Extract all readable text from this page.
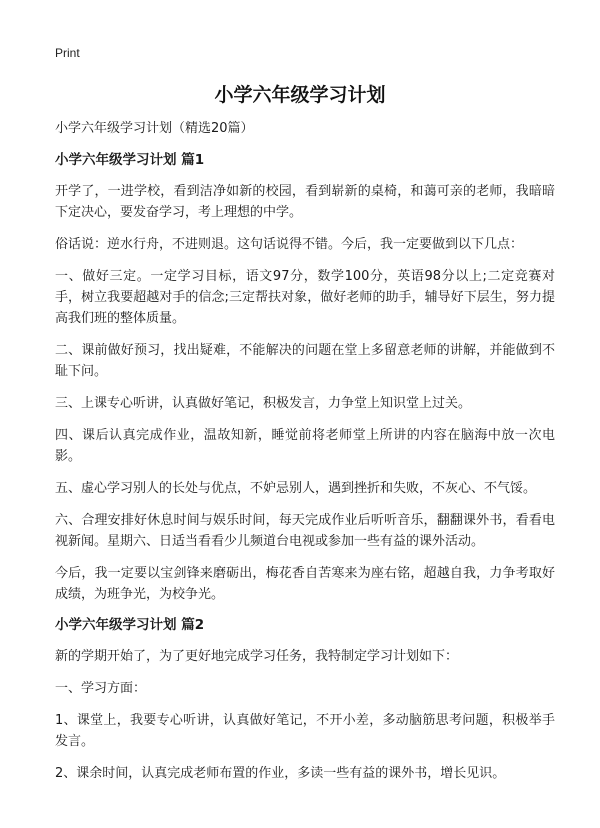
Print
小学六年级学习计划

小学六年级学习计划（精选20篇）

小学六年级学习计划 篇1

开学了，一进学校，看到洁净如新的校园，看到崭新的桌椅，和蔼可亲的老师，我暗暗下定决心，要发奋学习，考上理想的中学。

俗话说：逆水行舟，不进则退。这句话说得不错。今后，我一定要做到以下几点：

一、做好三定。一定学习目标，语文97分，数学100分，英语98分以上;二定竞赛对手，树立我要超越对手的信念;三定帮扶对象，做好老师的助手，辅导好下层生，努力提高我们班的整体质量。

二、课前做好预习，找出疑难，不能解决的问题在堂上多留意老师的讲解，并能做到不耻下问。

三、上课专心听讲，认真做好笔记，积极发言，力争堂上知识堂上过关。

四、课后认真完成作业，温故知新，睡觉前将老师堂上所讲的内容在脑海中放一次电影。

五、虚心学习别人的长处与优点，不妒忌别人，遇到挫折和失败，不灰心、不气馁。

六、合理安排好休息时间与娱乐时间，每天完成作业后听听音乐，翻翻课外书，看看电视新闻。星期六、日适当看看少儿频道台电视或参加一些有益的课外活动。

今后，我一定要以宝剑锋来磨砺出，梅花香自苦寒来为座右铭，超越自我，力争考取好成绩，为班争光，为校争光。

小学六年级学习计划 篇2

新的学期开始了，为了更好地完成学习任务，我特制定学习计划如下：

一、学习方面：

1、课堂上，我要专心听讲，认真做好笔记，不开小差，多动脑筋思考问题，积极举手发言。

2、课余时间，认真完成老师布置的作业，多读一些有益的课外书，增长见识。
